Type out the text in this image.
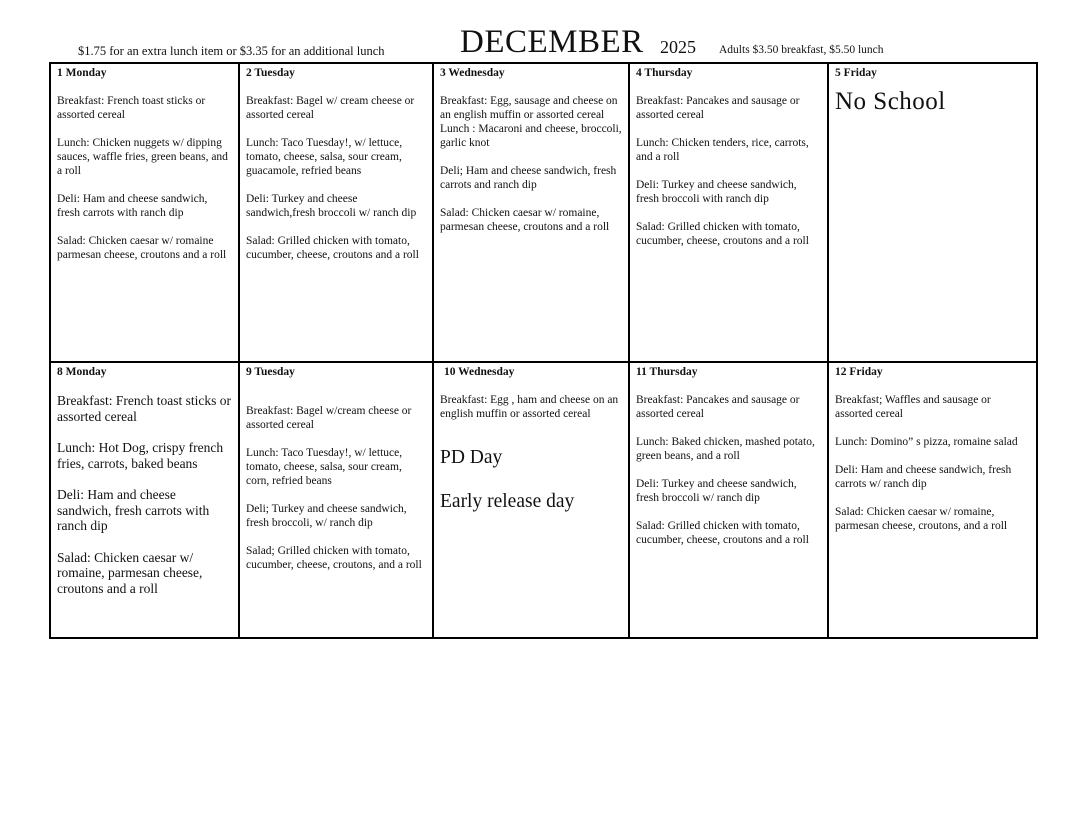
$1.75 for an extra lunch item or $3.35 for an additional lunch DECEMBER 2025 Adults $3.50 breakfast, $5.50 lunch
1 Monday
Breakfast: French toast sticks or assorted cereal
Lunch: Chicken nuggets w/ dipping sauces, waffle fries, green beans, and a roll
Deli: Ham and cheese sandwich, fresh carrots with ranch dip
Salad: Chicken caesar w/ romaine parmesan cheese, croutons and a roll
2 Tuesday
Breakfast: Bagel w/ cream cheese or assorted cereal
Lunch: Taco Tuesday!, w/ lettuce, tomato, cheese, salsa, sour cream, guacamole, refried beans
Deli: Turkey and cheese sandwich,fresh broccoli w/ ranch dip
Salad: Grilled chicken with tomato, cucumber, cheese, croutons and a roll
3 Wednesday
Breakfast: Egg, sausage and cheese on an english muffin or assorted cereal
Lunch : Macaroni and cheese, broccoli, garlic knot
Deli; Ham and cheese sandwich, fresh carrots and ranch dip
Salad: Chicken caesar w/ romaine, parmesan cheese, croutons and a roll
4 Thursday
Breakfast: Pancakes and sausage or assorted cereal
Lunch: Chicken tenders, rice, carrots, and a roll
Deli: Turkey and cheese sandwich, fresh broccoli with ranch dip
Salad: Grilled chicken with tomato, cucumber, cheese, croutons and a roll
5 Friday
No School
8 Monday
Breakfast: French toast sticks or assorted cereal
Lunch: Hot Dog, crispy french fries, carrots, baked beans
Deli: Ham and cheese sandwich, fresh carrots with ranch dip
Salad: Chicken caesar w/ romaine, parmesan cheese, croutons and a roll
9 Tuesday
Breakfast: Bagel w/cream cheese or assorted cereal
Lunch: Taco Tuesday!, w/ lettuce, tomato, cheese, salsa, sour cream, corn, refried beans
Deli; Turkey and cheese sandwich, fresh broccoli, w/ ranch dip
Salad; Grilled chicken with tomato, cucumber, cheese, croutons, and a roll
10 Wednesday
Breakfast: Egg , ham and cheese on an english muffin or assorted cereal
PD Day
Early release day
11 Thursday
Breakfast: Pancakes and sausage or assorted cereal
Lunch: Baked chicken, mashed potato, green beans, and a roll
Deli: Turkey and cheese sandwich, fresh broccoli w/ ranch dip
Salad: Grilled chicken with tomato, cucumber, cheese, croutons and a roll
12 Friday
Breakfast; Waffles and sausage or assorted cereal
Lunch: Domino” s pizza, romaine salad
Deli: Ham and cheese sandwich, fresh carrots w/ ranch dip
Salad: Chicken caesar w/ romaine, parmesan cheese, croutons, and a roll
